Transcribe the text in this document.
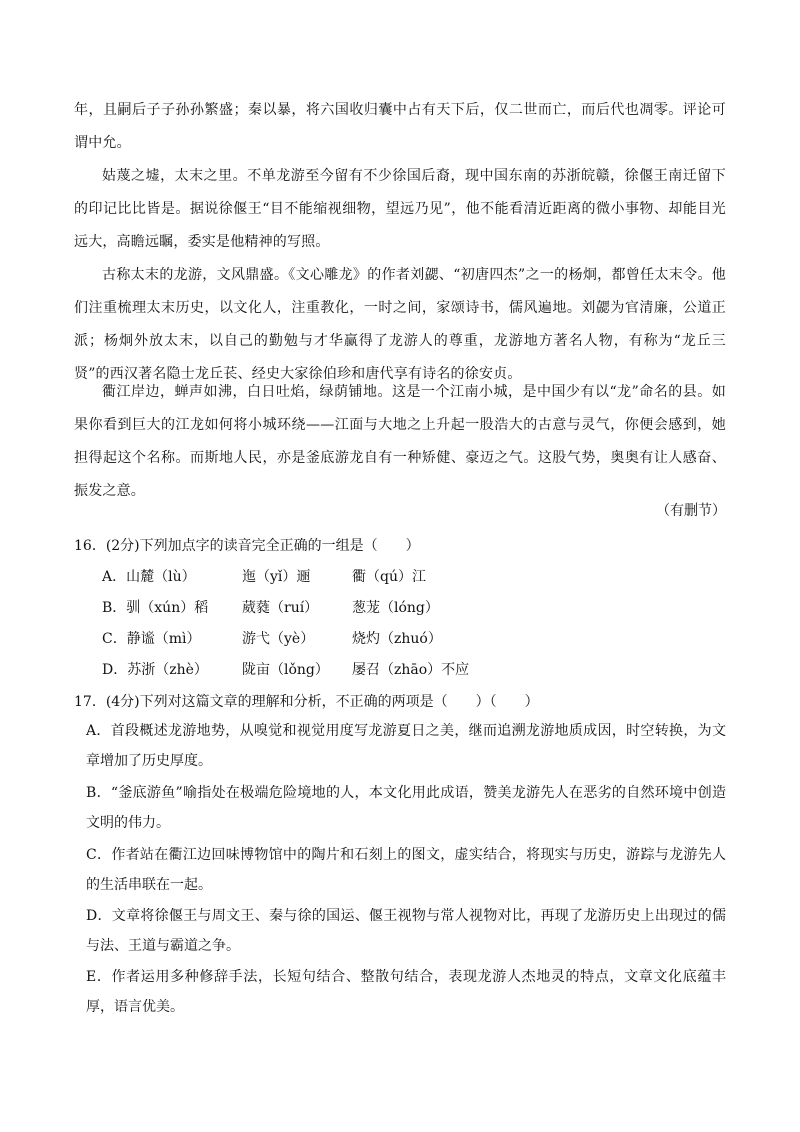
年，且嗣后子子孙孙繁盛；秦以暴，将六国收归囊中占有天下后，仅二世而亡，而后代也凋零。评论可谓中允。

姑蔑之墟，太末之里。不单龙游至今留有不少徐国后裔，现中国东南的苏浙皖赣，徐偃王南迁留下的印记比比皆是。据说徐偃王“目不能缩视细物，望远乃见”，他不能看清近距离的微小事物、却能目光远大，高瞻远瞩，委实是他精神的写照。

古称太末的龙游，文风鼎盛。《文心雕龙》的作者刘勰、“初唐四杰”之一的杨炯，都曾任太末令。他们注重梳理太末历史，以文化人，注重教化，一时之间，家颂诗书，儒风遍地。刘勰为官清廉，公道正派；杨炯外放太末，以自己的勤勉与才华赢得了龙游人的尊重，龙游地方著名人物，有称为“龙丘三贤”的西汉著名隐士龙丘苌、经史大家徐伯珍和唐代享有诗名的徐安贞。

衢江岸边，蝉声如沸，白日吐焰，绿荫铺地。这是一个江南小城，是中国少有以“龙”命名的县。如果你看到巨大的江龙如何将小城环绕——江面与大地之上升起一股浩大的古意与灵气，你便会感到，她担得起这个名称。而斯地人民，亦是釜底游龙自有一种矫健、豪迈之气。这股气势，奥奥有让人感奋、振发之意。

（有删节）
16．(2分)下列加点字的读音完全正确的一组是（　　）
A．山麓（lù）	迤（yǐ）逦	衢（qú）江
B．驯（xún）稻 葳蕤（ruí） 葱茏（lóng）
C．静谧（mì）	游弋（yè）	烧灼（zhuó）
D．苏浙（zhè） 陇亩（lǒng） 屡召（zhāo）不应
17．(4分)下列对这篇文章的理解和分析，不正确的两项是（　　）（　　）
A．首段概述龙游地势，从嗅觉和视觉用度写龙游夏日之美，继而追溯龙游地质成因，时空转换，为文章增加了历史厚度。
B．“釜底游鱼”喻指处在极端危险境地的人，本文化用此成语，赞美龙游先人在恶劣的自然环境中创造文明的伟力。
C．作者站在衢江边回味博物馆中的陶片和石刻上的图文，虚实结合，将现实与历史，游踪与龙游先人的生活串联在一起。
D．文章将徐偃王与周文王、秦与徐的国运、偃王视物与常人视物对比，再现了龙游历史上出现过的儒与法、王道与霸道之争。
E．作者运用多种修辞手法，长短句结合、整散句结合，表现龙游人杰地灵的特点，文章文化底蕴丰厚，语言优美。
